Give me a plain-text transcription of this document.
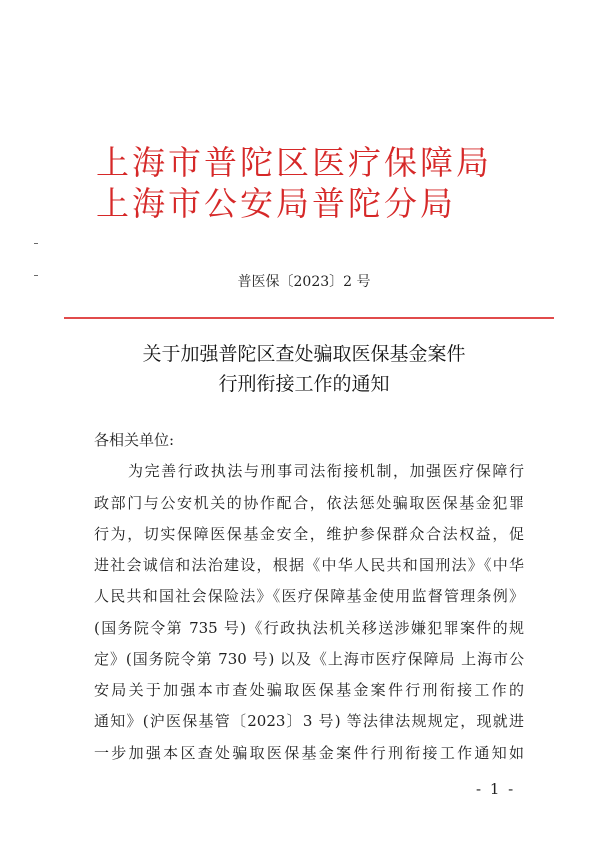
上海市普陀区医疗保障局
上海市公安局普陀分局
普医保〔2023〕2 号
关于加强普陀区查处骗取医保基金案件
行刑衔接工作的通知
各相关单位:
为完善行政执法与刑事司法衔接机制，加强医疗保障行
政部门与公安机关的协作配合，依法惩处骗取医保基金犯罪
行为，切实保障医保基金安全，维护参保群众合法权益，促
进社会诚信和法治建设，根据《中华人民共和国刑法》《中华
人民共和国社会保险法》《医疗保障基金使用监督管理条例》
(国务院令第 735 号)《行政执法机关移送涉嫌犯罪案件的规
定》(国务院令第 730 号) 以及《上海市医疗保障局 上海市公
安局关于加强本市查处骗取医保基金案件行刑衔接工作的
通知》(沪医保基管〔2023〕3 号) 等法律法规规定，现就进
一步加强本区查处骗取医保基金案件行刑衔接工作通知如
- 1 -
